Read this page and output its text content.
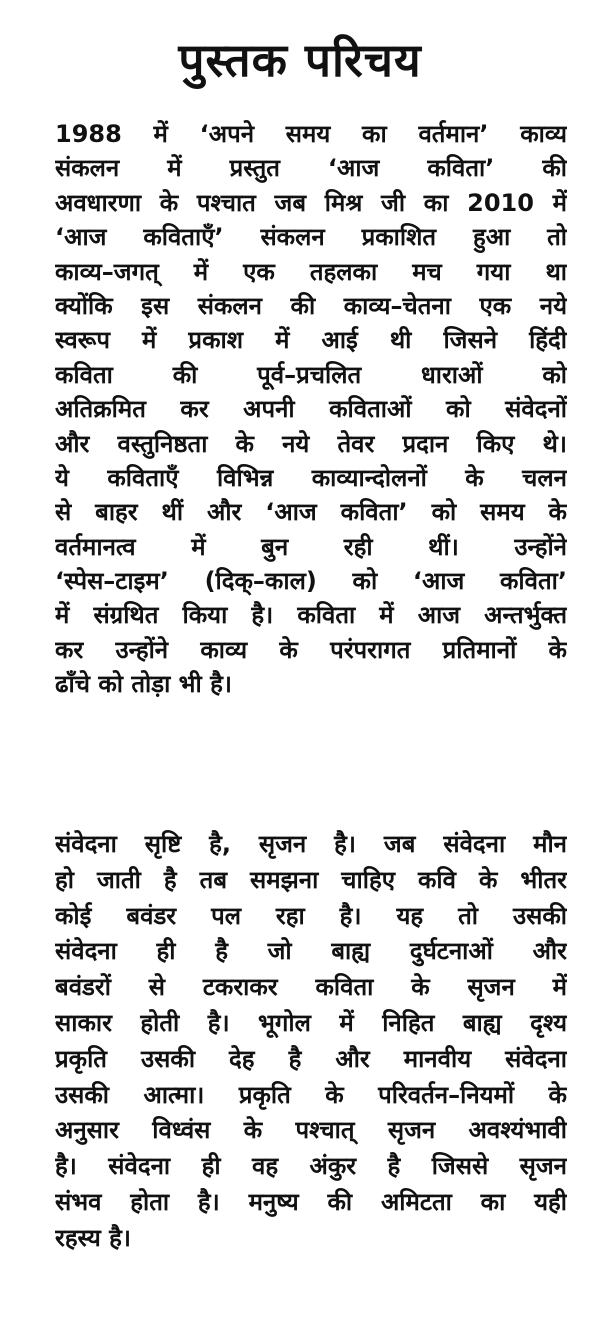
पुस्तक परिचय
1988 में ‘अपने समय का वर्तमान’ काव्य
संकलन में प्रस्तुत ‘आज कविता’ की
अवधारणा के पश्चात जब मिश्र जी का 2010 में
‘आज कविताएँ’ संकलन प्रकाशित हुआ तो
काव्य–जगत् में एक तहलका मच गया था
क्योंकि इस संकलन की काव्य–चेतना एक नये
स्वरूप में प्रकाश में आई थी जिसने हिंदी
कविता की पूर्व–प्रचलित धाराओं को
अतिक्रमित कर अपनी कविताओं को संवेदनों
और वस्तुनिष्ठता के नये तेवर प्रदान किए थे।
ये कविताएँ विभिन्न काव्यान्दोलनों के चलन
से बाहर थीं और ‘आज कविता’ को समय के
वर्तमानत्व में बुन रही थीं। उन्होंने
‘स्पेस–टाइम’ (दिक्–काल) को ‘आज कविता’
में संग्रथित किया है। कविता में आज अन्तर्भुक्त
कर उन्होंने काव्य के परंपरागत प्रतिमानों के
ढाँचे को तोड़ा भी है।
संवेदना सृष्टि है, सृजन है। जब संवेदना मौन
हो जाती है तब समझना चाहिए कवि के भीतर
कोई बवंडर पल रहा है। यह तो उसकी
संवेदना ही है जो बाह्य दुर्घटनाओं और
बवंडरों से टकराकर कविता के सृजन में
साकार होती है। भूगोल में निहित बाह्य दृश्य
प्रकृति उसकी देह है और मानवीय संवेदना
उसकी आत्मा। प्रकृति के परिवर्तन–नियमों के
अनुसार विध्वंस के पश्चात् सृजन अवश्यंभावी
है। संवेदना ही वह अंकुर है जिससे सृजन
संभव होता है। मनुष्य की अमिटता का यही
रहस्य है।
